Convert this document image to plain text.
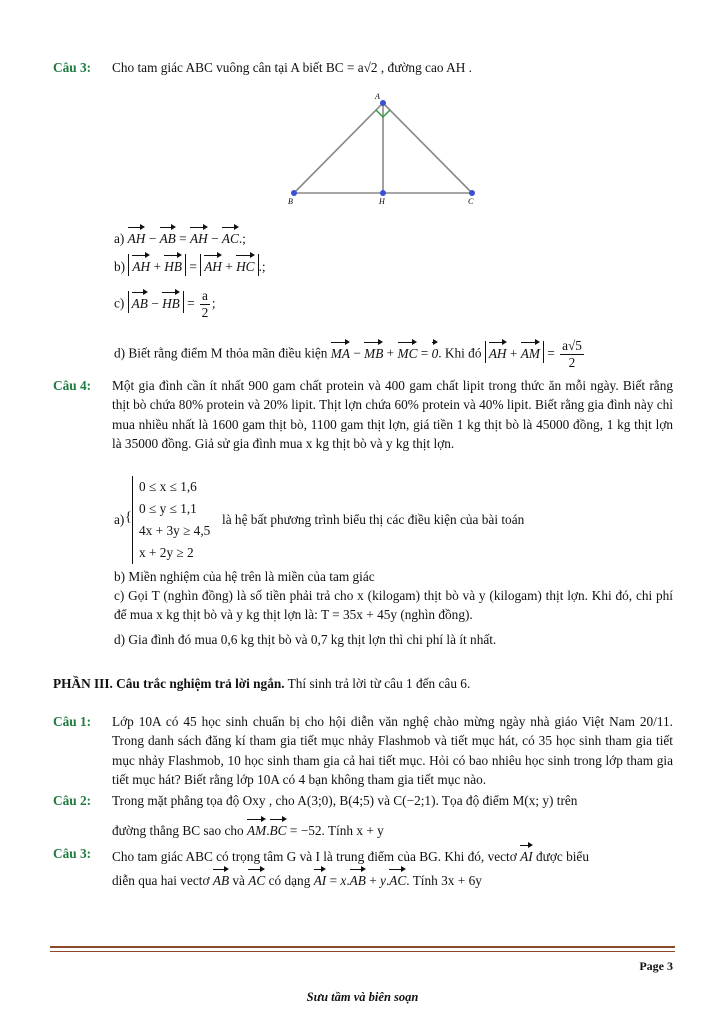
Câu 3: Cho tam giác ABC vuông cân tại A biết BC = a√2 , đường cao AH .
A
B	H	C
a) AH − AB = AH − AC.;
b) AH + HB = AH + HC .;
c) AB − HB = $\frac{a}{2}$ ;
d) Biết rằng điểm M thỏa mãn điều kiện MA − MB + MC = 0. Khi đó AH + AM = $\frac{a√5}{2}$
Câu 4: Một gia đình cần ít nhất 900 gam chất protein và 400 gam chất lipit trong thức ăn mỗi ngày. Biết rằng thịt bò chứa 80% protein và 20% lipit. Thịt lợn chứa 60% protein và 40% lipit. Biết rằng gia đình này chỉ mua nhiều nhất là 1600 gam thịt bò, 1100 gam thịt lợn, giá tiền 1 kg thịt bò là 45000 đồng, 1 kg thịt lợn là 35000 đồng. Giả sử gia đình mua x kg thịt bò và y kg thịt lợn.
a) {
0 ≤ x ≤ 1,6
0 ≤ y ≤ 1,1
4x + 3y ≥ 4,5
x + 2y ≥ 2
là hệ bất phương trình biểu thị các điều kiện của bài toán
b) Miền nghiệm của hệ trên là miền của tam giác
c) Gọi T (nghìn đồng) là số tiền phải trả cho x (kilogam) thịt bò và y (kilogam) thịt lợn. Khi đó, chi phí để mua x kg thịt bò và y kg thịt lợn là: T = 35x + 45y (nghìn đồng).
d) Gia đình đó mua 0,6 kg thịt bò và 0,7 kg thịt lợn thì chi phí là ít nhất.
PHẦN III. Câu trắc nghiệm trả lời ngắn. Thí sinh trả lời từ câu 1 đến câu 6.
Câu 1: Lớp 10A có 45 học sinh chuẩn bị cho hội diễn văn nghệ chào mừng ngày nhà giáo Việt Nam 20/11. Trong danh sách đăng kí tham gia tiết mục nhảy Flashmob và tiết mục hát, có 35 học sinh tham gia tiết mục nhảy Flashmob, 10 học sinh tham gia cả hai tiết mục. Hỏi có bao nhiêu học sinh trong lớp tham gia tiết mục hát? Biết rằng lớp 10A có 4 bạn không tham gia tiết mục nào.
Câu 2: Trong mặt phẳng tọa độ Oxy , cho A(3;0), B(4;5) và C(−2;1). Tọa độ điểm M(x; y) trên
đường thẳng BC sao cho AM.BC = −52. Tính x + y
Câu 3: Cho tam giác ABC có trọng tâm G và I là trung điểm của BG. Khi đó, vectơ AI được biểu
diễn qua hai vectơ AB và AC có dạng AI = x.AB + y.AC. Tính 3x + 6y
Page 3
Sưu tầm và biên soạn
